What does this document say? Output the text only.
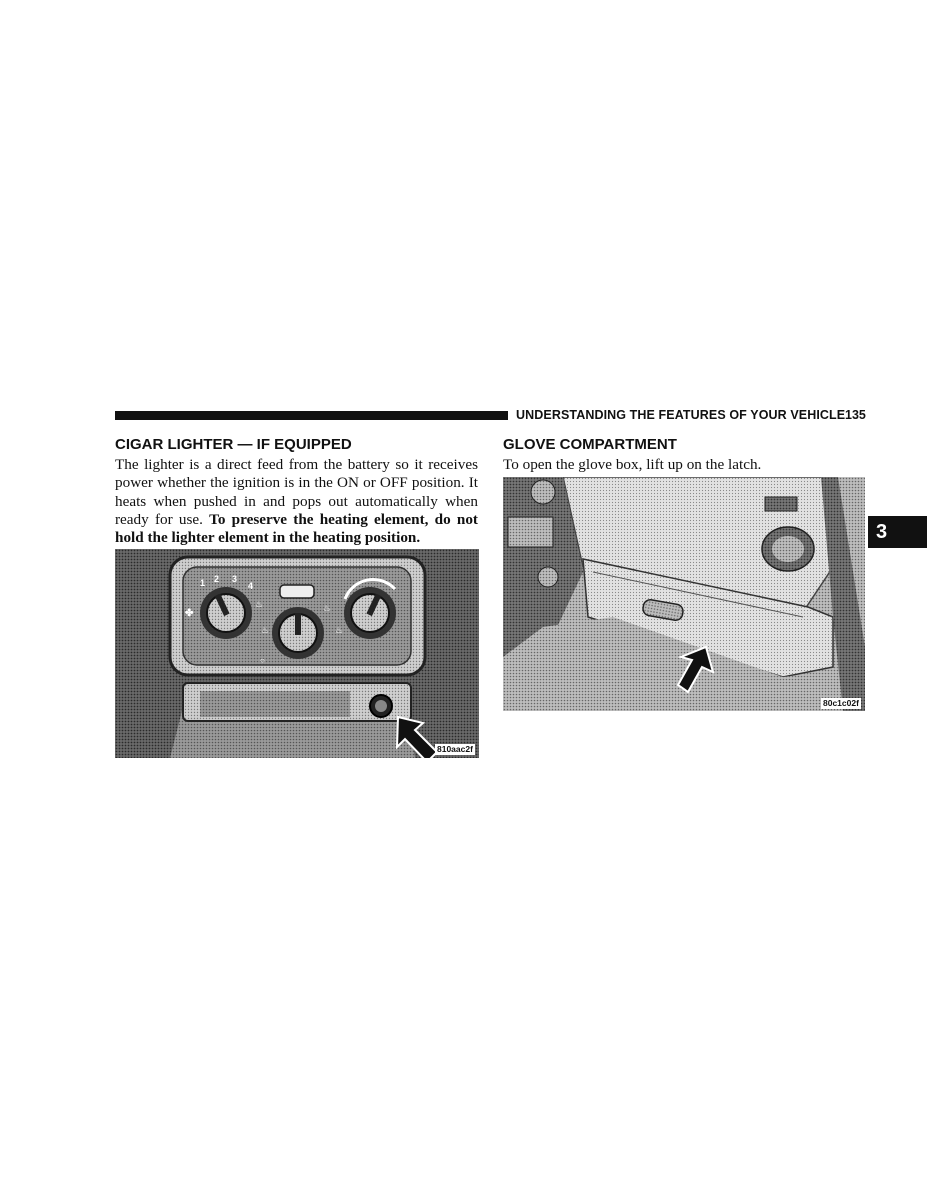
UNDERSTANDING THE FEATURES OF YOUR VEHICLE 135
3
CIGAR LIGHTER — IF EQUIPPED
The lighter is a direct feed from the battery so it receives power whether the ignition is in the ON or OFF position. It heats when pushed in and pops out automatically when ready for use. To preserve the heating element, do not hold the lighter element in the heating position.
✤
♨
♨
♨
♨
○
1 2 3
4
810aac2f
GLOVE COMPARTMENT
To open the glove box, lift up on the latch.
80c1c02f
